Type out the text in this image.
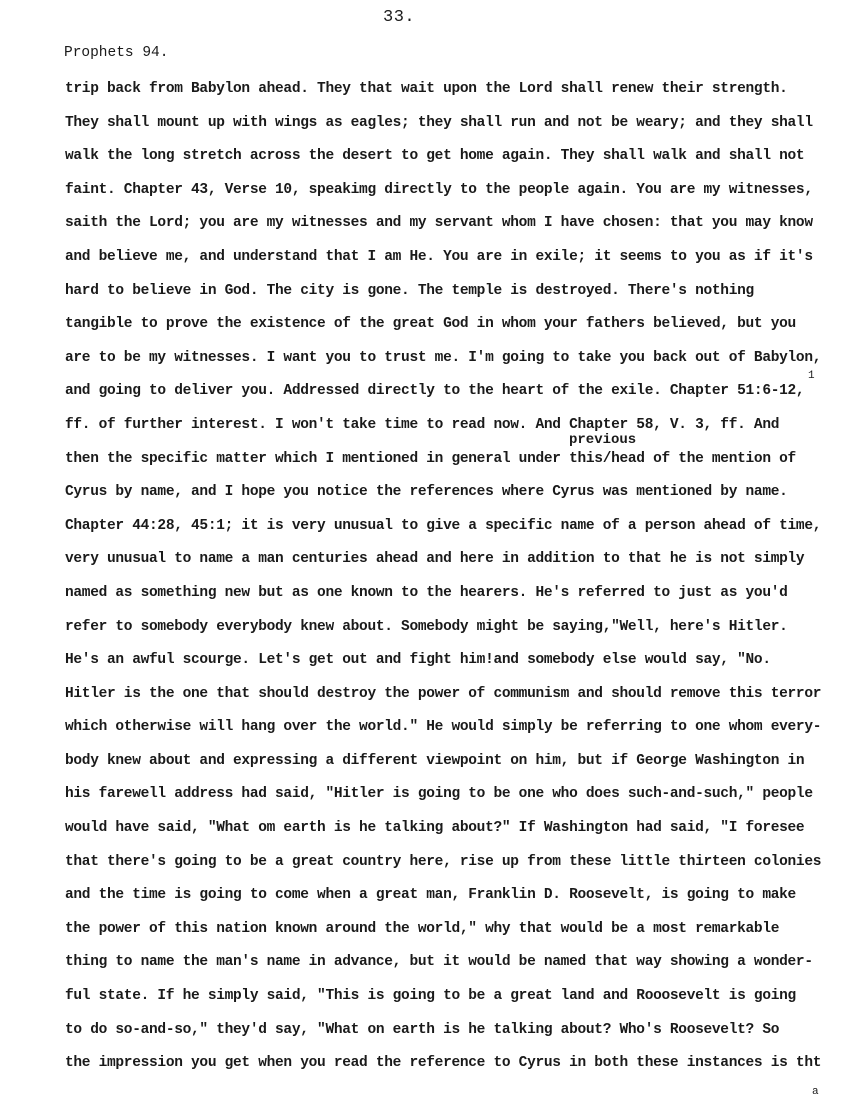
33.
Prophets 94.
1
previous
trip back from Babylon ahead. They that wait upon the Lord shall renew their strength.
They shall mount up with wings as eagles; they shall run and not be weary; and they shall
walk the long stretch across the desert to get home again. They shall walk and shall not
faint. Chapter 43, Verse 10, speakimg directly to the people again. You are my witnesses,
saith the Lord; you are my witnesses and my servant whom I have chosen: that you may know
and believe me, and understand that I am He. You are in exile; it seems to you as if it's
hard to believe in God. The city is gone. The temple is destroyed. There's nothing
tangible to prove the existence of the great God in whom your fathers believed, but you
are to be my witnesses. I want you to trust me. I'm going to take you back out of Babylon,
and going to deliver you. Addressed directly to the heart of the exile. Chapter 51:6-12,
ff. of further interest. I won't take time to read now. And Chapter 58, V. 3, ff. And
then the specific matter which I mentioned in general under this/head of the mention of
Cyrus by name, and I hope you notice the references where Cyrus was mentioned by name.
Chapter 44:28, 45:1; it is very unusual to give a specific name of a person ahead of time,
very unusual to name a man centuries ahead and here in addition to that he is not simply
named as something new but as one known to the hearers. He's referred to just as you'd
refer to somebody everybody knew about. Somebody might be saying,"Well, here's Hitler.
He's an awful scourge. Let's get out and fight him!and somebody else would say, "No.
Hitler is the one that should destroy the power of communism and should remove this terror
which otherwise will hang over the world." He would simply be referring to one whom every-
body knew about and expressing a different viewpoint on him, but if George Washington in
his farewell address had said, "Hitler is going to be one who does such-and-such," people
would have said, "What om earth is he talking about?" If Washington had said, "I foresee
that there's going to be a great country here, rise up from these little thirteen colonies
and the time is going to come when a great man, Franklin D. Roosevelt, is going to make
the power of this nation known around the world," why that would be a most remarkable
thing to name the man's name in advance, but it would be named that way showing a wonder-
ful state. If he simply said, "This is going to be a great land and Rooosevelt is going
to do so-and-so," they'd say, "What on earth is he talking about? Who's Roosevelt? So
the impression you get when you read the reference to Cyrus in both these instances is tht
a
